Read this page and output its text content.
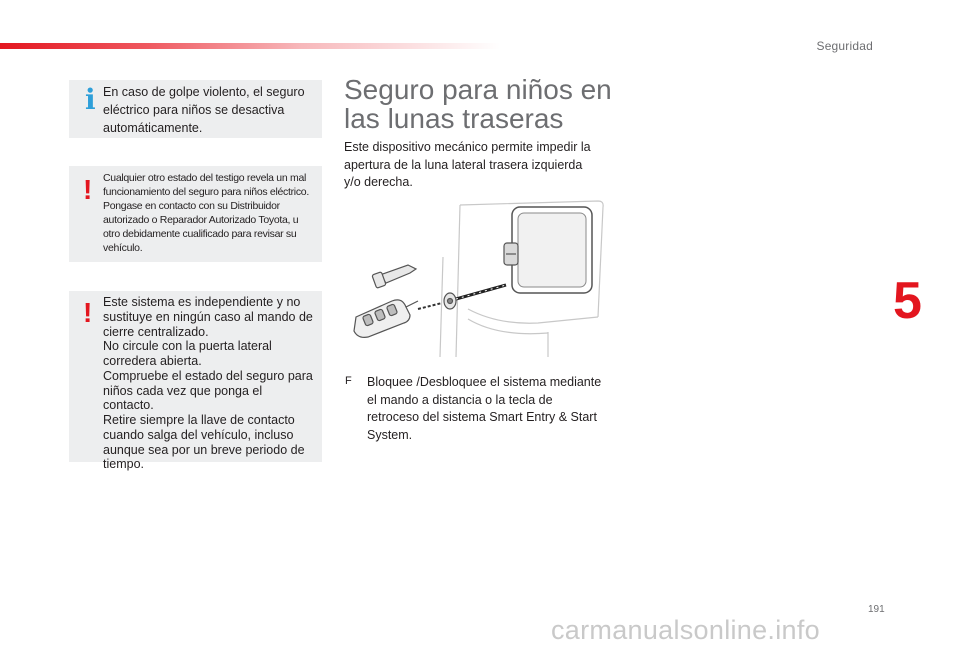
Seguridad
5
191
i En caso de golpe violento, el seguro eléctrico para niños se desactiva automáticamente.
! Cualquier otro estado del testigo revela un mal funcionamiento del seguro para niños eléctrico. Pongase en contacto con su Distribuidor autorizado o Reparador Autorizado Toyota, u otro debidamente cualificado para revisar su vehículo.
! Este sistema es independiente y no sustituye en ningún caso al mando de cierre centralizado.
No circule con la puerta lateral corredera abierta.
Compruebe el estado del seguro para niños cada vez que ponga el contacto.
Retire siempre la llave de contacto cuando salga del vehículo, incluso aunque sea por un breve periodo de tiempo.
Seguro para niños en las lunas traseras
Este dispositivo mecánico permite impedir la apertura de la luna lateral trasera izquierda y/o derecha.
F Bloquee /Desbloquee el sistema mediante el mando a distancia o la tecla de retroceso del sistema Smart Entry & Start System.
carmanualsonline.info
